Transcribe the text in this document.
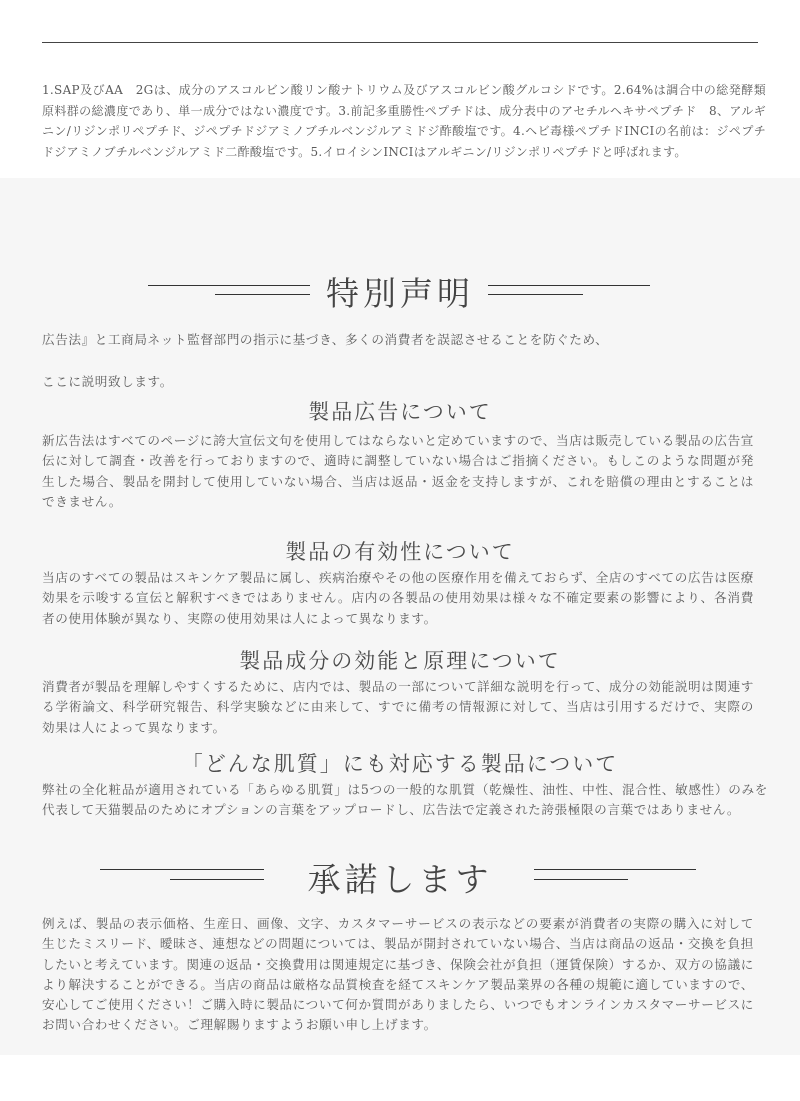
1.SAP及びAA　2Gは、成分のアスコルビン酸リン酸ナトリウム及びアスコルビン酸グルコシドです。2.64%は調合中の総発酵類原料群の総濃度であり、単一成分ではない濃度です。3.前記多重勝性ペプチドは、成分表中のアセチルヘキサペプチド　8、アルギニン/リジンポリペプチド、ジペプチドジアミノブチルベンジルアミドジ酢酸塩です。4.ヘビ毒様ペプチドINCIの名前は：ジペプチドジアミノブチルベンジルアミド二酢酸塩です。5.イロイシンINCIはアルギニン/リジンポリペプチドと呼ばれます。

特別声明

広告法』と工商局ネット監督部門の指示に基づき、多くの消費者を誤認させることを防ぐため、

ここに説明致します。

製品広告について

新広告法はすべてのページに誇大宣伝文句を使用してはならないと定めていますので、当店は販売している製品の広告宣伝に対して調査・改善を行っておりますので、適時に調整していない場合はご指摘ください。もしこのような問題が発生した場合、製品を開封して使用していない場合、当店は返品・返金を支持しますが、これを賠償の理由とすることはできません。

製品の有効性について

当店のすべての製品はスキンケア製品に属し、疾病治療やその他の医療作用を備えておらず、全店のすべての広告は医療効果を示唆する宣伝と解釈すべきではありません。店内の各製品の使用効果は様々な不確定要素の影響により、各消費者の使用体験が異なり、実際の使用効果は人によって異なります。

製品成分の効能と原理について

消費者が製品を理解しやすくするために、店内では、製品の一部について詳細な説明を行って、成分の効能説明は関連する学術論文、科学研究報告、科学実験などに由来して、すでに備考の情報源に対して、当店は引用するだけで、実際の効果は人によって異なります。

「どんな肌質」にも対応する製品について

弊社の全化粧品が適用されている「あらゆる肌質」は5つの一般的な肌質（乾燥性、油性、中性、混合性、敏感性）のみを代表して天猫製品のためにオプションの言葉をアップロードし、広告法で定義された誇張極限の言葉ではありません。

承諾します

例えば、製品の表示価格、生産日、画像、文字、カスタマーサービスの表示などの要素が消費者の実際の購入に対して生じたミスリード、曖昧さ、連想などの問題については、製品が開封されていない場合、当店は商品の返品・交換を負担したいと考えています。関連の返品・交換費用は関連規定に基づき、保険会社が負担（運賃保険）するか、双方の協議により解決することができる。当店の商品は厳格な品質検査を経てスキンケア製品業界の各種の規範に適していますので、安心してご使用ください！ご購入時に製品について何か質問がありましたら、いつでもオンラインカスタマーサービスにお問い合わせください。ご理解賜りますようお願い申し上げます。
